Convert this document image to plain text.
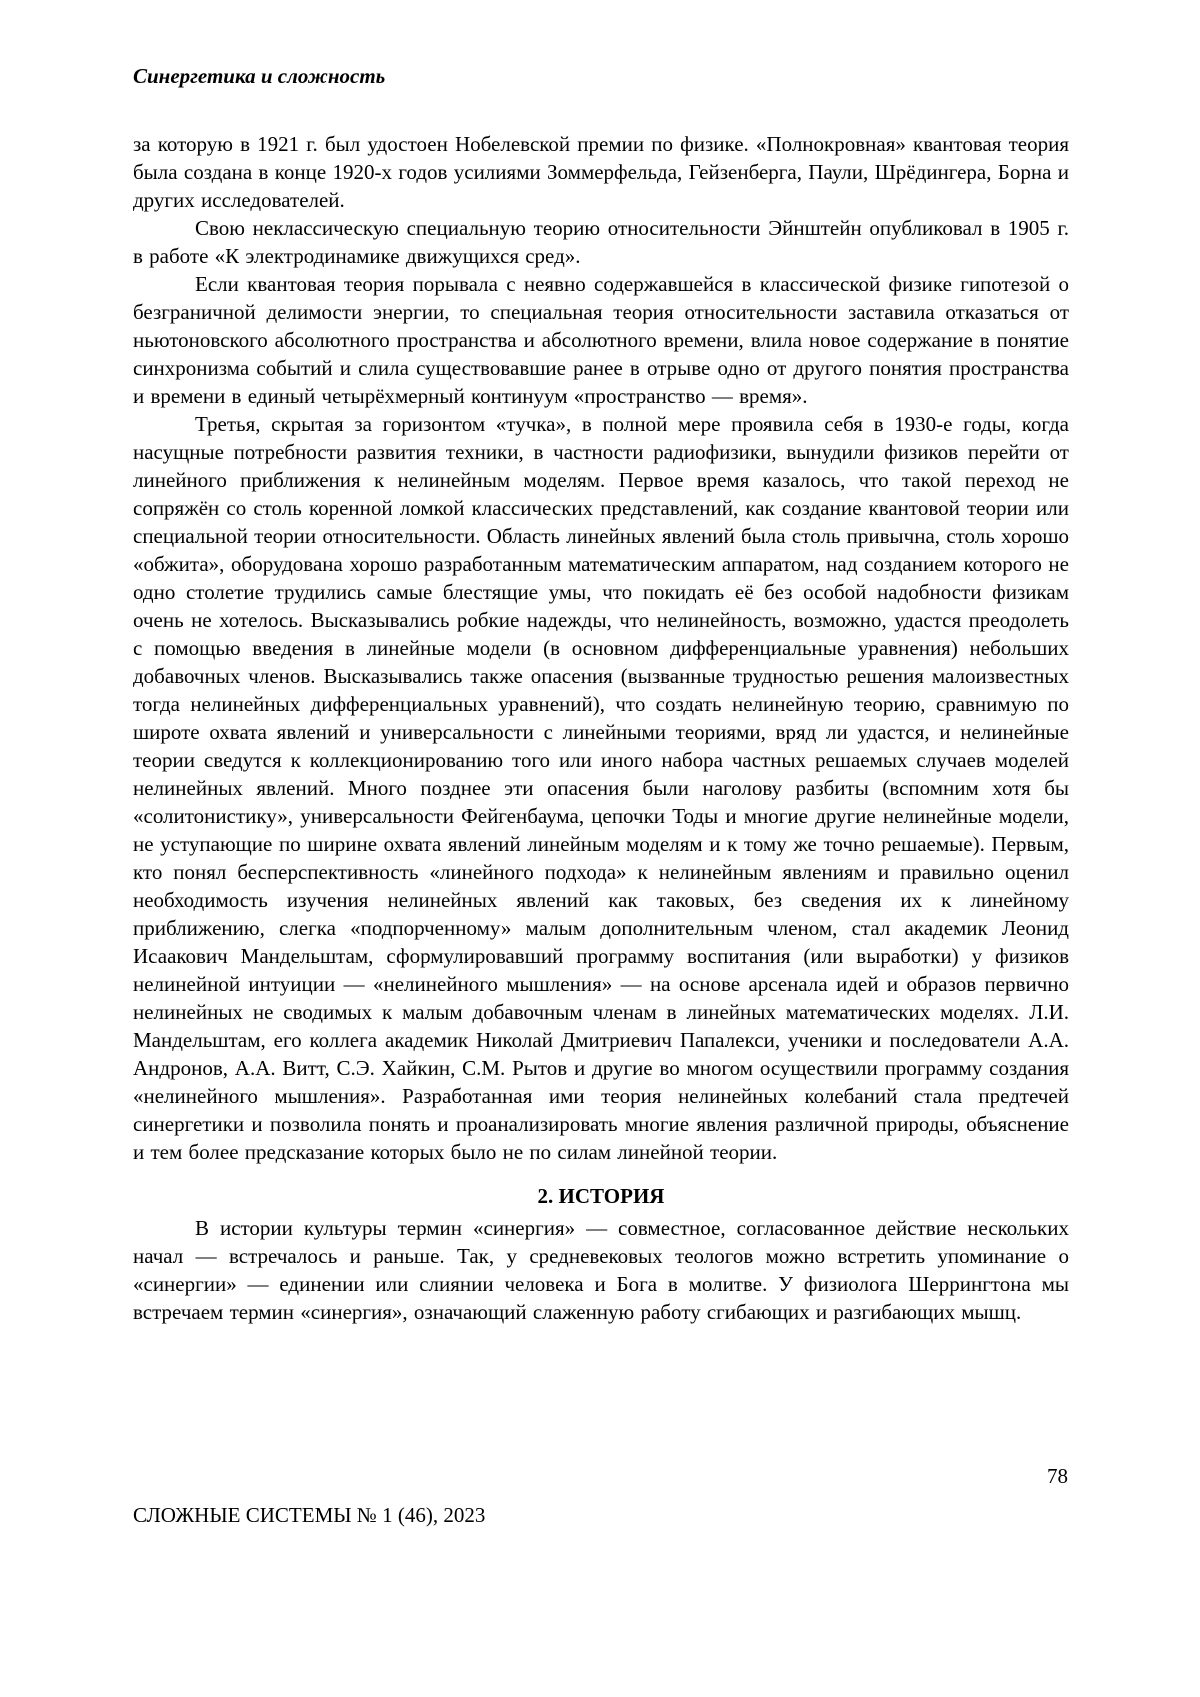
Синергетика и сложность

за которую в 1921 г. был удостоен Нобелевской премии по физике. «Полнокровная» квантовая теория была создана в конце 1920-х годов усилиями Зоммерфельда, Гейзенберга, Паули, Шрёдингера, Борна и других исследователей.

Свою неклассическую специальную теорию относительности Эйнштейн опубликовал в 1905 г. в работе «К электродинамике движущихся сред».

Если квантовая теория порывала с неявно содержавшейся в классической физике гипотезой о безграничной делимости энергии, то специальная теория относительности заставила отказаться от ньютоновского абсолютного пространства и абсолютного времени, влила новое содержание в понятие синхронизма событий и слила существовавшие ранее в отрыве одно от другого понятия пространства и времени в единый четырёхмерный континуум «пространство — время».

Третья, скрытая за горизонтом «тучка», в полной мере проявила себя в 1930-е годы, когда насущные потребности развития техники, в частности радиофизики, вынудили физиков перейти от линейного приближения к нелинейным моделям. Первое время казалось, что такой переход не сопряжён со столь коренной ломкой классических представлений, как создание квантовой теории или специальной теории относительности. Область линейных явлений была столь привычна, столь хорошо «обжита», оборудована хорошо разработанным математическим аппаратом, над созданием которого не одно столетие трудились самые блестящие умы, что покидать её без особой надобности физикам очень не хотелось. Высказывались робкие надежды, что нелинейность, возможно, удастся преодолеть с помощью введения в линейные модели (в основном дифференциальные уравнения) небольших добавочных членов. Высказывались также опасения (вызванные трудностью решения малоизвестных тогда нелинейных дифференциальных уравнений), что создать нелинейную теорию, сравнимую по широте охвата явлений и универсальности с линейными теориями, вряд ли удастся, и нелинейные теории сведутся к коллекционированию того или иного набора частных решаемых случаев моделей нелинейных явлений. Много позднее эти опасения были наголову разбиты (вспомним хотя бы «солитонистику», универсальности Фейгенбаума, цепочки Тоды и многие другие нелинейные модели, не уступающие по ширине охвата явлений линейным моделям и к тому же точно решаемые). Первым, кто понял бесперспективность «линейного подхода» к нелинейным явлениям и правильно оценил необходимость изучения нелинейных явлений как таковых, без сведения их к линейному приближению, слегка «подпорченному» малым дополнительным членом, стал академик Леонид Исаакович Мандельштам, сформулировавший программу воспитания (или выработки) у физиков нелинейной интуиции — «нелинейного мышления» — на основе арсенала идей и образов первично нелинейных не сводимых к малым добавочным членам в линейных математических моделях. Л.И. Мандельштам, его коллега академик Николай Дмитриевич Папалекси, ученики и последователи А.А. Андронов, А.А. Витт, С.Э. Хайкин, С.М. Рытов и другие во многом осуществили программу создания «нелинейного мышления». Разработанная ими теория нелинейных колебаний стала предтечей синергетики и позволила понять и проанализировать многие явления различной природы, объяснение и тем более предсказание которых было не по силам линейной теории.

2. ИСТОРИЯ

В истории культуры термин «синергия» — совместное, согласованное действие нескольких начал — встречалось и раньше. Так, у средневековых теологов можно встретить упоминание о «синергии» — единении или слиянии человека и Бога в молитве. У физиолога Шеррингтона мы встречаем термин «синергия», означающий слаженную работу сгибающих и разгибающих мышц.

78
СЛОЖНЫЕ СИСТЕМЫ № 1 (46), 2023
